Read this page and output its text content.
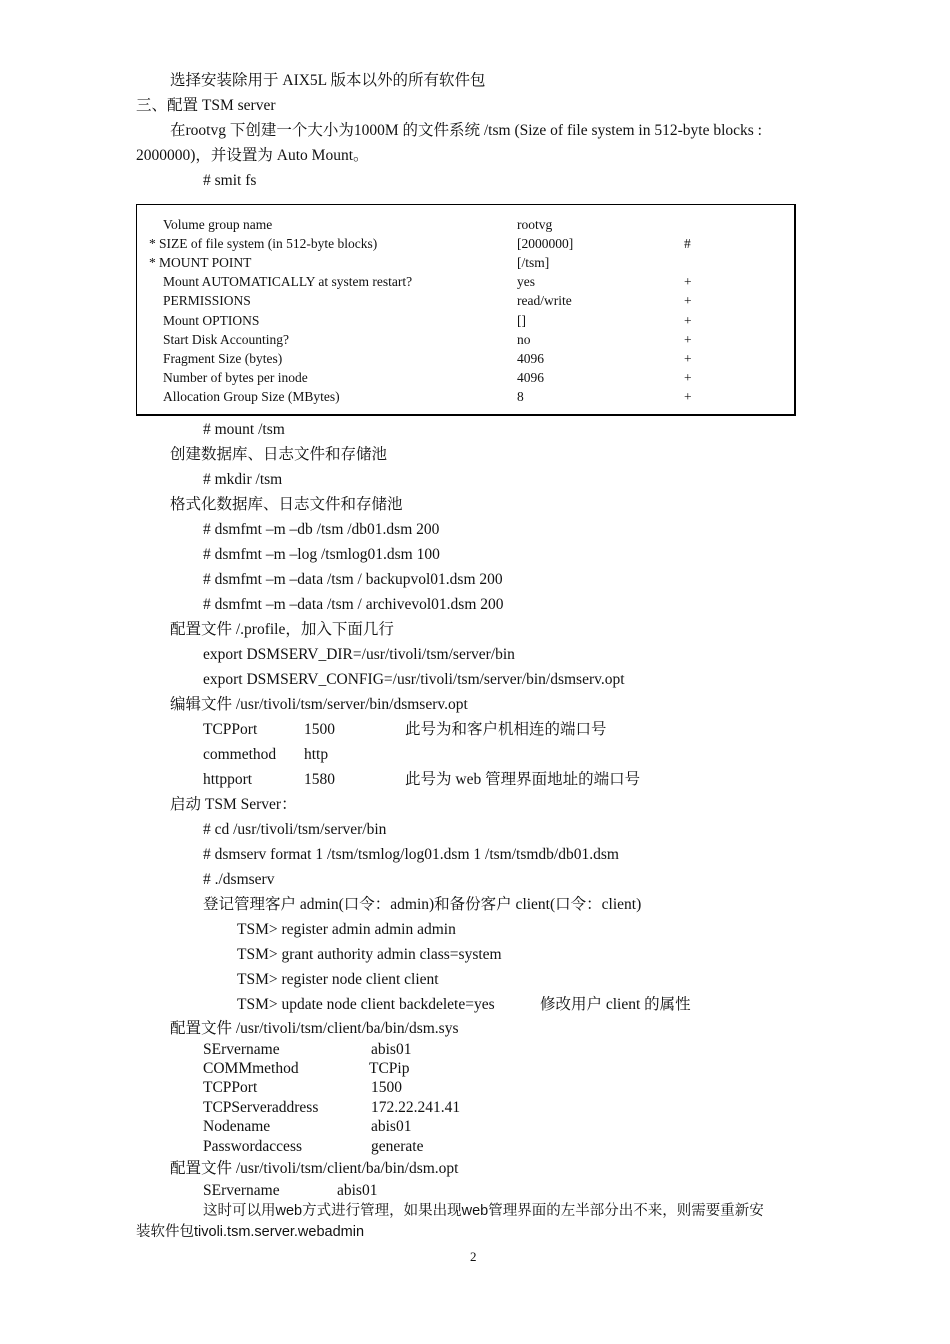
选择安装除用于 AIX5L 版本以外的所有软件包
三、配置 TSM server
在rootvg 下创建一个大小为1000M 的文件系统 /tsm (Size of file system in 512-byte blocks :
2000000)，并设置为 Auto Mount。
# smit fs
Volume group name	rootvg
* SIZE of file system (in 512-byte blocks)	[2000000]	#
* MOUNT POINT	[/tsm]
Mount AUTOMATICALLY at system restart?	yes	+
PERMISSIONS	read/write	+
Mount OPTIONS	[]	+
Start Disk Accounting?	no	+
Fragment Size (bytes)	4096	+
Number of bytes per inode	4096	+
Allocation Group Size (MBytes)	8	+
# mount /tsm
创建数据库、日志文件和存储池
# mkdir /tsm
格式化数据库、日志文件和存储池
# dsmfmt –m –db /tsm /db01.dsm 200
# dsmfmt –m –log /tsmlog01.dsm 100
# dsmfmt –m –data /tsm / backupvol01.dsm 200
# dsmfmt –m –data /tsm / archivevol01.dsm 200
配置文件 /.profile，加入下面几行
export DSMSERV_DIR=/usr/tivoli/tsm/server/bin
export DSMSERV_CONFIG=/usr/tivoli/tsm/server/bin/dsmserv.opt
编辑文件 /usr/tivoli/tsm/server/bin/dsmserv.opt
TCPPort	1500	此号为和客户机相连的端口号
commethod http
httpport	1580	此号为 web 管理界面地址的端口号
启动 TSM Server：
# cd /usr/tivoli/tsm/server/bin
# dsmserv format 1 /tsm/tsmlog/log01.dsm 1 /tsm/tsmdb/db01.dsm
# ./dsmserv
登记管理客户 admin(口令：admin)和备份客户 client(口令：client)
TSM> register admin admin admin
TSM> grant authority admin class=system
TSM> register node client client
TSM> update node client backdelete=yes	修改用户 client 的属性
配置文件 /usr/tivoli/tsm/client/ba/bin/dsm.sys
SErvername	abis01
COMMmethod	TCPip
TCPPort	1500
TCPServeraddress	172.22.241.41
Nodename	abis01
Passwordaccess	generate
配置文件 /usr/tivoli/tsm/client/ba/bin/dsm.opt
SErvername	abis01
这时可以用web方式进行管理，如果出现web管理界面的左半部分出不来，则需要重新安
装软件包tivoli.tsm.server.webadmin
2
